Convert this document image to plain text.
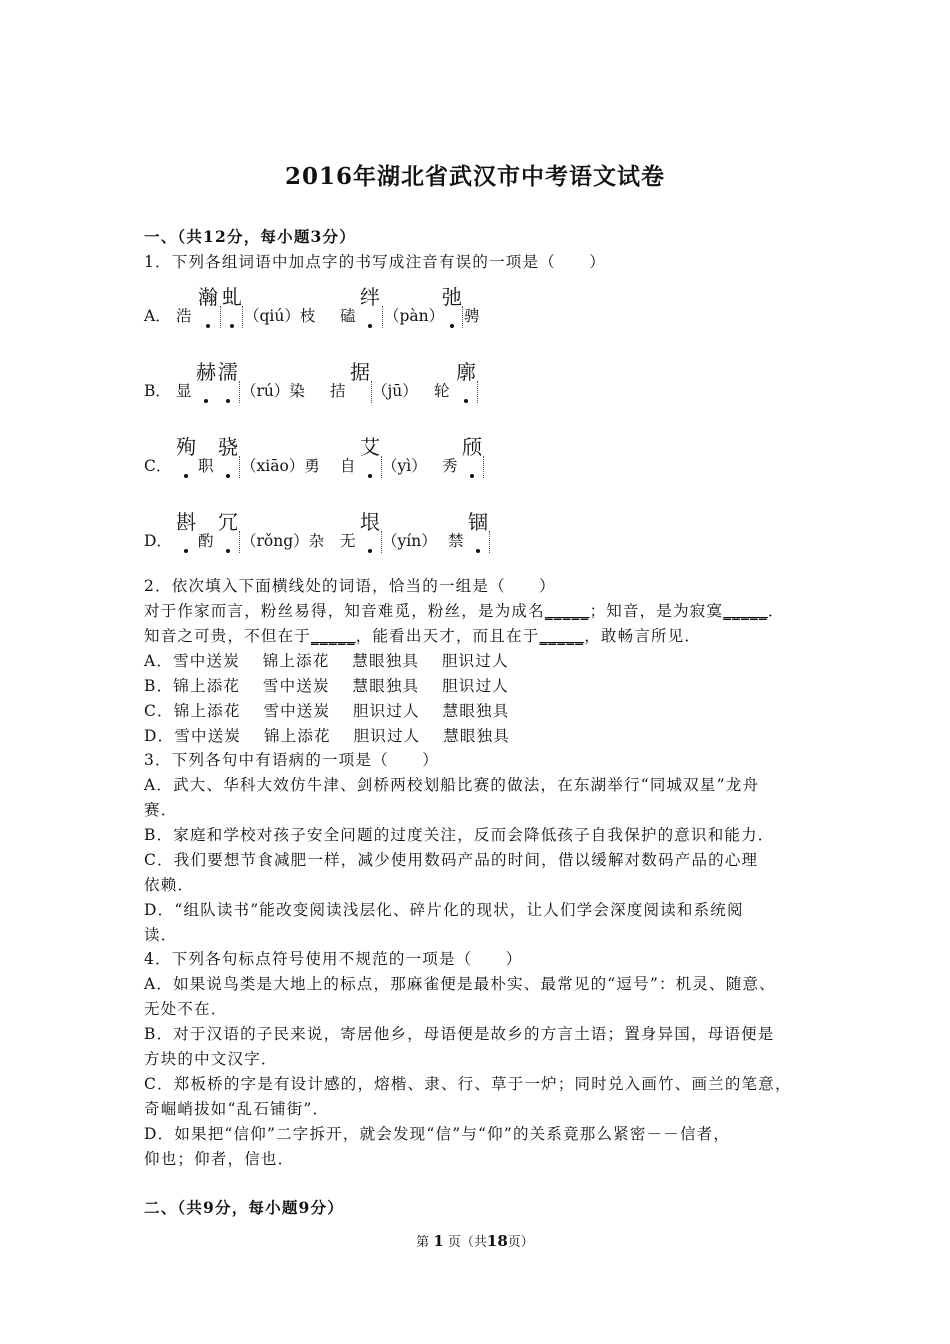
2016年湖北省武汉市中考语文试卷
一、（共12分，每小题3分）
1．下列各组词语中加点字的书写成注音有误的一项是（　　）
A． 浩
瀚 虬
（qiú）枝 磕
绊
（pàn）
弛
骋
B． 显
赫 濡
（rú）染 拮
据
（jū） 轮
廓
C．
殉
职
骁
（xiāo）勇 自
艾
（yì） 秀
颀
D．
斟
酌
冗
（rǒng）杂 无
垠
（yín） 禁
锢
2．依次填入下面横线处的词语，恰当的一组是（　　）
对于作家而言，粉丝易得，知音难觅，粉丝，是为成名_____；知音，是为寂寞_____．
知音之可贵，不但在于_____，能看出天才，而且在于_____，敢畅言所见．
A．雪中送炭　 锦上添花　 慧眼独具　 胆识过人
B．锦上添花　 雪中送炭　 慧眼独具　 胆识过人
C．锦上添花　 雪中送炭　 胆识过人　 慧眼独具
D．雪中送炭　 锦上添花　 胆识过人　 慧眼独具
3．下列各句中有语病的一项是（　　）
A．武大、华科大效仿牛津、剑桥两校划船比赛的做法，在东湖举行“同城双星”龙舟
赛．
B．家庭和学校对孩子安全问题的过度关注，反而会降低孩子自我保护的意识和能力．
C．我们要想节食减肥一样，减少使用数码产品的时间，借以缓解对数码产品的心理
依赖．
D．“组队读书”能改变阅读浅层化、碎片化的现状，让人们学会深度阅读和系统阅
读．
4．下列各句标点符号使用不规范的一项是（　　）
A．如果说鸟类是大地上的标点，那麻雀便是最朴实、最常见的“逗号”：机灵、随意、
无处不在．
B．对于汉语的子民来说，寄居他乡，母语便是故乡的方言土语；置身异国，母语便是
方块的中文汉字．
C．郑板桥的字是有设计感的，熔楷、隶、行、草于一炉；同时兑入画竹、画兰的笔意，
奇崛峭拔如“乱石铺街”．
D．如果把“信仰”二字拆开，就会发现“信”与“仰”的关系竟那么紧密－－信者，
仰也；仰者，信也．
二、（共9分，每小题9分）
第 1 页（共18页）
